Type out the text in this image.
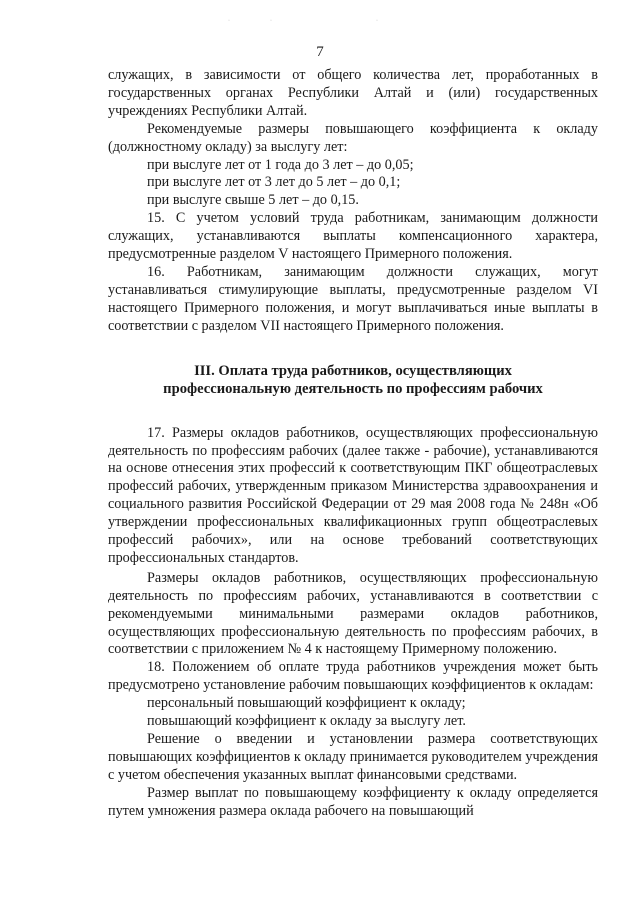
·	·	·
7

служащих, в зависимости от общего количества лет, проработанных в государственных органах Республики Алтай и (или) государственных учреждениях Республики Алтай.

Рекомендуемые размеры повышающего коэффициента к окладу (должностному окладу) за выслугу лет:

при выслуге лет от 1 года до 3 лет – до 0,05;

при выслуге лет от 3 лет до 5 лет – до 0,1;

при выслуге свыше 5 лет – до 0,15.

15. С учетом условий труда работникам, занимающим должности служащих, устанавливаются выплаты компенсационного характера, предусмотренные разделом V настоящего Примерного положения.

16. Работникам, занимающим должности служащих, могут устанавливаться стимулирующие выплаты, предусмотренные разделом VI настоящего Примерного положения, и могут выплачиваться иные выплаты в соответствии с разделом VII настоящего Примерного положения.

III. Оплата труда работников, осуществляющих
профессиональную деятельность по профессиям рабочих

17. Размеры окладов работников, осуществляющих профессиональную деятельность по профессиям рабочих (далее также - рабочие), устанавливаются на основе отнесения этих профессий к соответствующим ПКГ общеотраслевых профессий рабочих, утвержденным приказом Министерства здравоохранения и социального развития Российской Федерации от 29 мая 2008 года № 248н «Об утверждении профессиональных квалификационных групп общеотраслевых профессий рабочих», или на основе требований соответствующих профессиональных стандартов.

Размеры окладов работников, осуществляющих профессиональную деятельность по профессиям рабочих, устанавливаются в соответствии с рекомендуемыми минимальными размерами окладов работников, осуществляющих профессиональную деятельность по профессиям рабочих, в соответствии с приложением № 4 к настоящему Примерному положению.

18. Положением об оплате труда работников учреждения может быть предусмотрено установление рабочим повышающих коэффициентов к окладам:

персональный повышающий коэффициент к окладу;

повышающий коэффициент к окладу за выслугу лет.

Решение о введении и установлении размера соответствующих повышающих коэффициентов к окладу принимается руководителем учреждения с учетом обеспечения указанных выплат финансовыми средствами.

Размер выплат по повышающему коэффициенту к окладу определяется путем умножения размера оклада рабочего на повышающий
